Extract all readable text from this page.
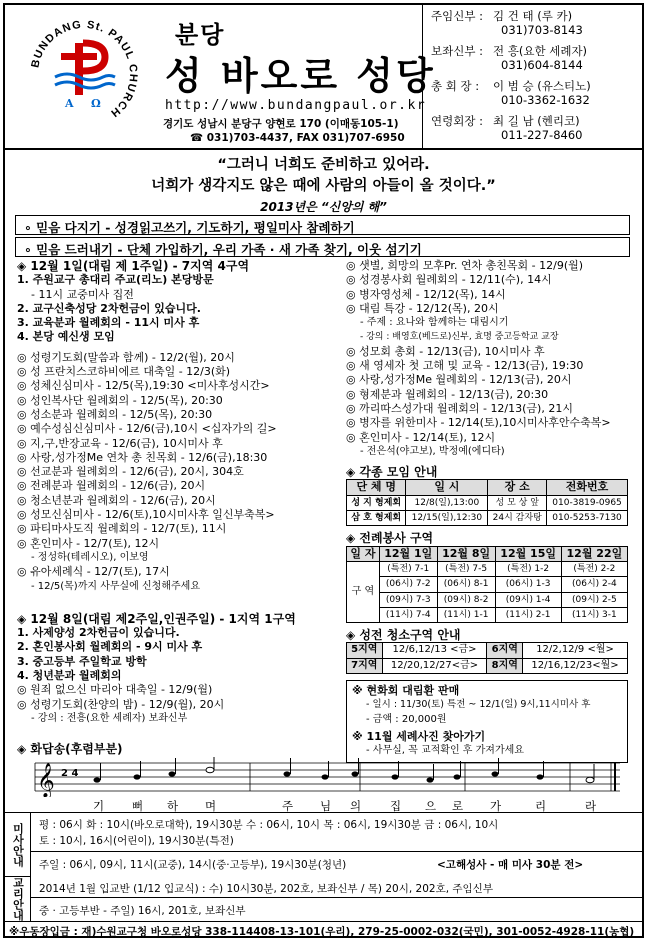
BUNDANG St. PAUL CHURCH
A Ω
분당
성 바오로 성당
http://www.bundangpaul.or.kr
경기도 성남시 분당구 양현로 170 (이매동105-1)
☎ 031)703-4437, FAX 031)707-6950
주임신부 : 김 건 태 (루 카)
031)703-8143
보좌신부 : 전 흥(요한 세례자)
031)604-8144
총 회 장 : 이 범 승 (유스티노)
010-3362-1632
연령회장 : 최 길 남 (헨리코)
011-227-8460
“그러니 너희도 준비하고 있어라.
너희가 생각지도 않은 때에 사람의 아들이 올 것이다.”
2013년은 “신앙의 해”
∘ 믿음 다지기 - 성경읽고쓰기, 기도하기, 평일미사 참례하기
∘ 믿음 드러내기 - 단체 가입하기, 우리 가족 · 새 가족 찾기, 이웃 섬기기
◈ 12월 1일(대림 제 1주일) - 7지역 4구역
1. 주원교구 총대리 주교(리노) 본당방문
- 11시 교중미사 집전
2. 교구신축성당 2차헌금이 있습니다.
3. 교육분과 월례회의 - 11시 미사 후
4. 본당 예신생 모임
◎ 성령기도회(말씀과 함께) - 12/2(월), 20시
◎ 성 프란치스코하비에르 대축일 - 12/3(화)
◎ 성체신심미사 - 12/5(목),19:30 <미사후성시간>
◎ 성인복사단 월례회의 - 12/5(목), 20:30
◎ 성소분과 월례회의 - 12/5(목), 20:30
◎ 예수성심신심미사 - 12/6(금),10시 <십자가의 길>
◎ 지,구,반장교육 - 12/6(금), 10시미사 후
◎ 사랑,성가정Me 연차 총 친목회 - 12/6(금),18:30
◎ 선교분과 월례회의 - 12/6(금), 20시, 304호
◎ 전례분과 월례회의 - 12/6(금), 20시
◎ 청소년분과 월례회의 - 12/6(금), 20시
◎ 성모신심미사 - 12/6(토),10시미사후 일신부축복>
◎ 파티마사도직 월례회의 - 12/7(토), 11시
◎ 혼인미사 - 12/7(토), 12시
- 정성하(테레시오), 이보영
◎ 유아세례식 - 12/7(토), 17시
- 12/5(목)까지 사무실에 신청해주세요
◈ 12월 8일(대림 제2주일,인권주일) - 1지역 1구역
1. 사제양성 2차헌금이 있습니다.
2. 혼인봉사회 월례회의 - 9시 미사 후
3. 중고등부 주일학교 방학
4. 청년분과 월례회의
◎ 원죄 없으신 마리아 대축일 - 12/9(월)
◎ 성령기도회(찬양의 밤) - 12/9(월), 20시
- 강의 : 전흥(요한 세례자) 보좌신부
◎ 샛별, 희망의 모후Pr. 연차 총친목회 - 12/9(월)
◎ 성경봉사회 월례회의 - 12/11(수), 14시
◎ 병자영성체 - 12/12(목), 14시
◎ 대림 특강 - 12/12(목), 20시
- 주제 : 요나와 함께하는 대림시기
- 강의 : 배영호(베드로)신부, 효명 중고등학교 교장
◎ 성모회 총회 - 12/13(금), 10시미사 후
◎ 새 영세자 첫 고해 및 교육 - 12/13(금), 19:30
◎ 사랑,성가정Me 월례회의 - 12/13(금), 20시
◎ 형제분과 월례회의 - 12/13(금), 20:30
◎ 까리따스성가대 월례회의 - 12/13(금), 21시
◎ 병자를 위한미사 - 12/14(토),10시미사후안수축복>
◎ 혼인미사 - 12/14(토), 12시
- 전은석(야고보), 박정예(에디타)
◈ 각종 모임 안내
단 체 명	일 시	장 소	전화번호
성 지 형제회	12/8(일),13:00	성 모 상 앞	010-3819-0965
삼 호 형제회	12/15(일),12:30	24시 감자탕	010-5253-7130
◈ 전례봉사 구역
일 자	12월 1일	12월 8일	12월 15일	12월 22일
구 역	(특전) 7-1	(특전) 7-5	(특전) 1-2	(특전) 2-2
	(06시) 7-2	(06시) 8-1	(06시) 1-3	(06시) 2-4
	(09시) 7-3	(09시) 8-2	(09시) 1-4	(09시) 2-5
	(11시) 7-4	(11시) 1-1	(11시) 2-1	(11시) 3-1
◈ 성전 청소구역 안내
5지역	12/6,12/13 <금>	6지역	12/2,12/9 <월>
7지역	12/20,12/27<금>	8지역	12/16,12/23<월>
※ 현화회 대림환 판매
- 일시 : 11/30(토) 특전 ~ 12/1(일) 9시,11시미사 후
- 금액 : 20,000원
※ 11월 세례사진 찾아가기
- 사무실, 꼭 교적확인 후 가져가세요
◈ 화답송(후렴부분)
𝄞 2 4
기 뻐 하 며	주 님 의	집 으 로 가	리	라
미사안내	평 : 06시 화 : 10시(바오로대학), 19시30분 수 : 06시, 10시 목 : 06시, 19시30분 금 : 06시, 10시
토 : 10시, 16시(어린이), 19시30분(특전)
주일 : 06시, 09시, 11시(교중), 14시(중·고등부), 19시30분(청년)	<고해성사 - 매 미사 30분 전>
교리안내	2014년 1월 입교반 (1/12 입교식) : 수) 10시30분, 202호, 보좌신부 / 목) 20시, 202호, 주임신부
중 · 고등부반 - 주일) 16시, 201호, 보좌신부
※우동장입금 : 재)수원교구청 바오로성당 338-114408-13-101(우리), 279-25-0002-032(국민), 301-0052-4928-11(농협)
